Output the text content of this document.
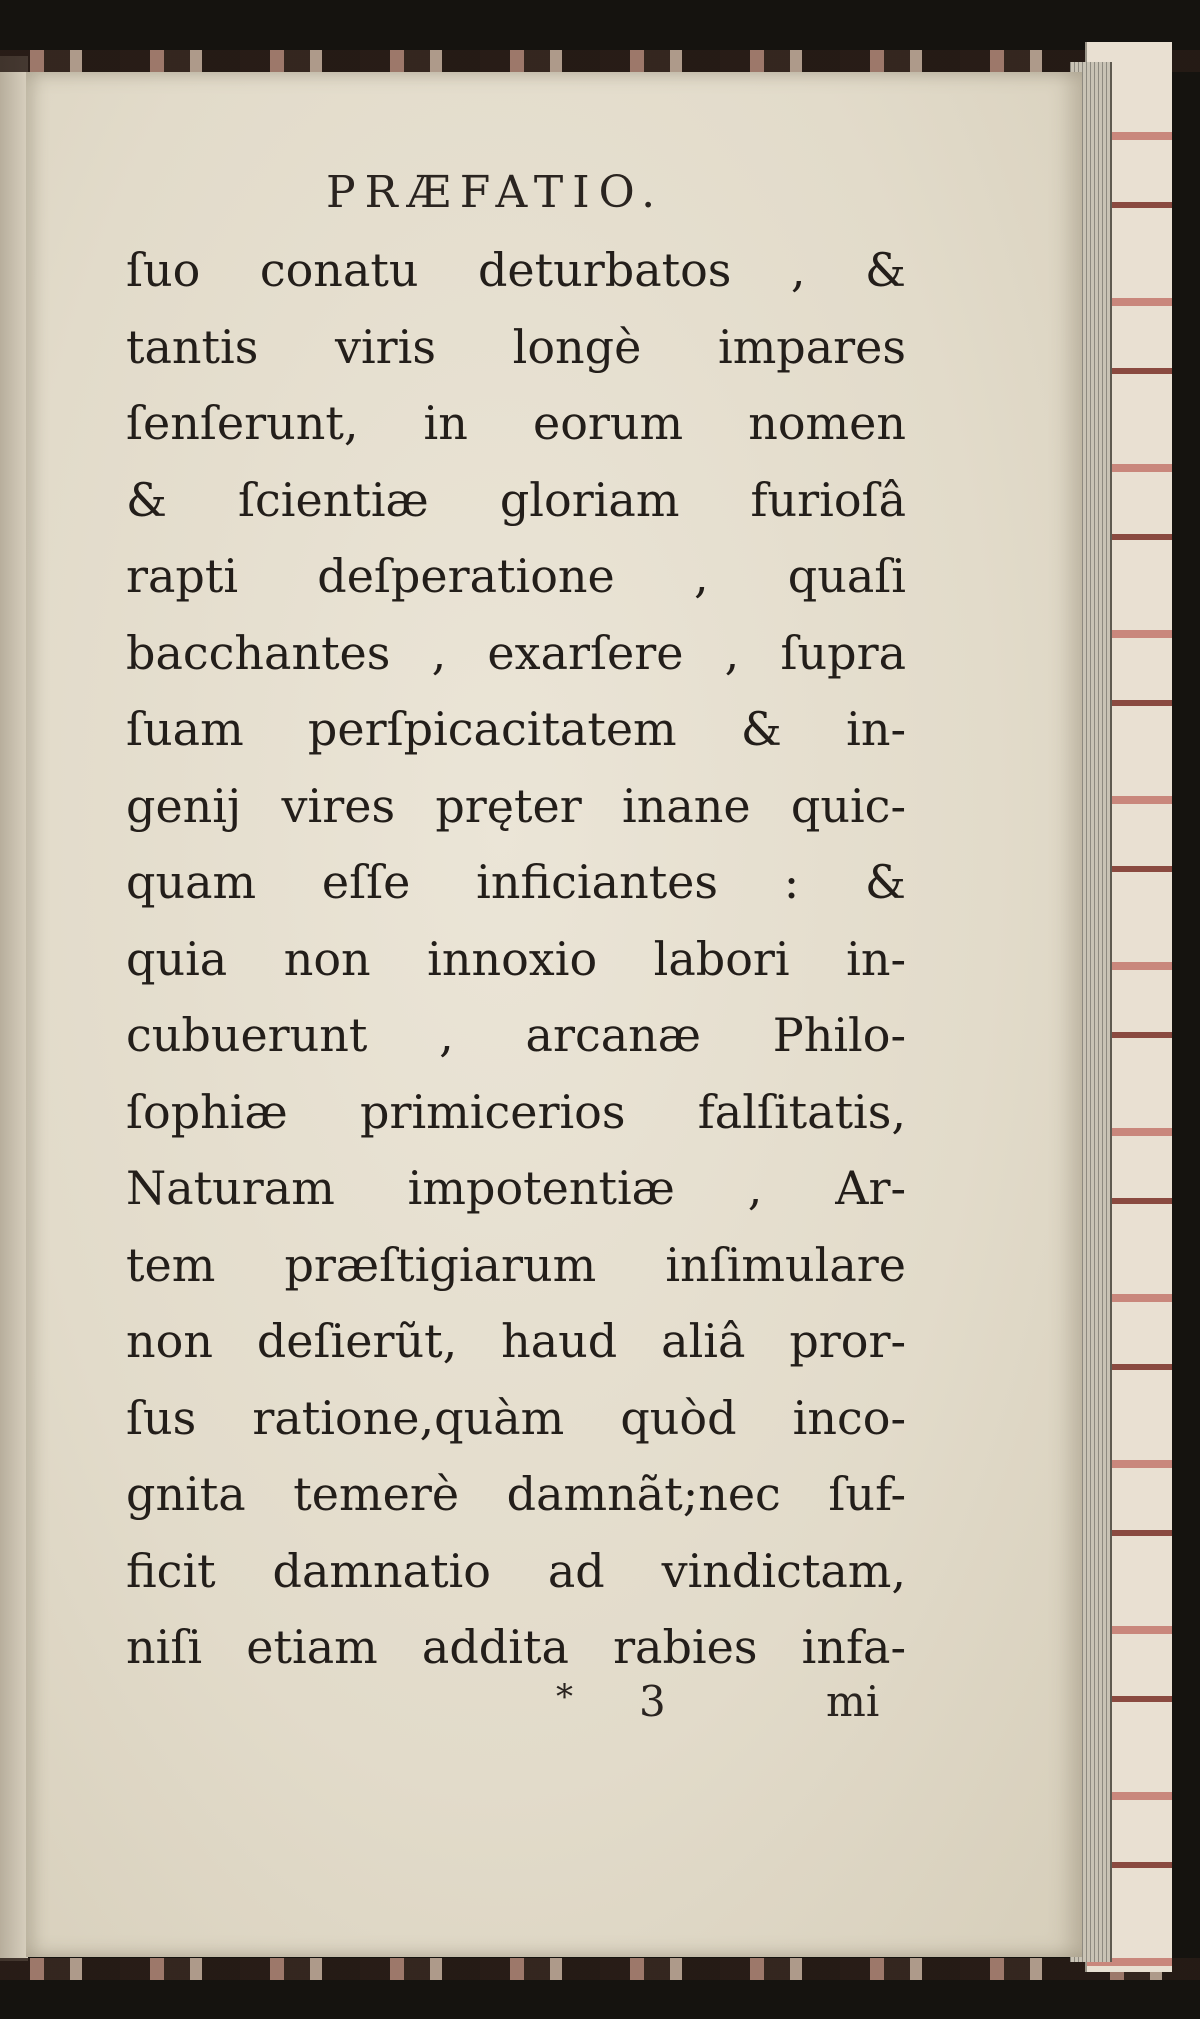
PRÆFATIO.
ſuo conatu deturbatos , &
tantis viris longè impares
ſenſerunt, in eorum nomen
& ſcientiæ gloriam furioſâ
rapti deſperatione , quaſi
bacchantes , exarſere , ſupra
ſuam perſpicacitatem & in-
genij vires pręter inane quic-
quam eſſe inficiantes : &
quia non innoxio labori in-
cubuerunt , arcanæ Philo-
ſophiæ primicerios falſitatis,
Naturam impotentiæ , Ar-
tem præſtigiarum inſimulare
non deſierũt, haud aliâ pror-
ſus ratione,quàm quòd inco-
gnita temerè damnãt;nec ſuf-
ficit damnatio ad vindictam,
niſi etiam addita rabies infa-
* 3	mi
